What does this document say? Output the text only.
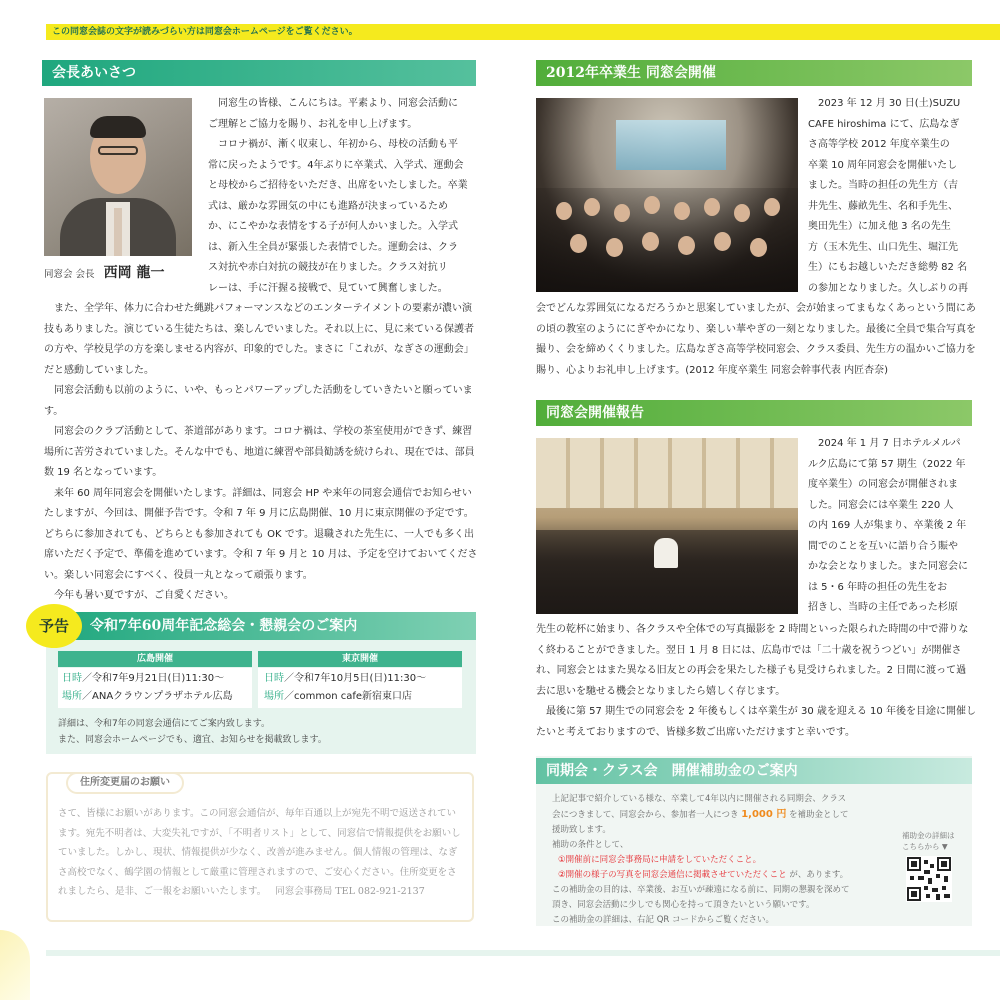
この同窓会誌の文字が読みづらい方は同窓会ホームページをご覧ください。
会長あいさつ
同窓会 会長 西岡 龍一
同窓生の皆様、こんにちは。平素より、同窓会活動に
ご理解とご協力を賜り、お礼を申し上げます。
コロナ禍が、漸く収束し、年初から、母校の活動も平
常に戻ったようです。4年ぶりに卒業式、入学式、運動会
と母校からご招待をいただき、出席をいたしました。卒業
式は、厳かな雰囲気の中にも進路が決まっているため
か、にこやかな表情をする子が何人かいました。入学式
は、新入生全員が緊張した表情でした。運動会は、クラ
ス対抗や赤白対抗の競技が在りました。クラス対抗リ
レーは、手に汗握る接戦で、見ていて興奮しました。

また、全学年、体力に合わせた縄跳パフォーマンスなどのエンターテイメントの要素が濃い演技もありました。演じている生徒たちは、楽しんでいました。それ以上に、見に来ている保護者の方や、学校見学の方を楽しませる内容が、印象的でした。まさに「これが、なぎさの運動会」だと感動していました。

同窓会活動も以前のように、いや、もっとパワーアップした活動をしていきたいと願っています。

同窓会のクラブ活動として、茶道部があります。コロナ禍は、学校の茶室使用ができず、練習場所に苦労されていました。そんな中でも、地道に練習や部員勧誘を続けられ、現在では、部員数 19 名となっています。

来年 60 周年同窓会を開催いたします。詳細は、同窓会 HP や来年の同窓会通信でお知らせいたしますが、今回は、開催予告です。令和 7 年 9 月に広島開催、10 月に東京開催の予定です。どちらに参加されても、どちらとも参加されても OK です。退職された先生に、一人でも多く出席いただく予定で、準備を進めています。令和 7 年 9 月と 10 月は、予定を空けておいてください。楽しい同窓会にすべく、役員一丸となって頑張ります。

今年も暑い夏ですが、ご自愛ください。

予告	令和7年60周年記念総会・懇親会のご案内
広島開催	東京開催
日時／令和7年9月21日(日)11:30〜
場所／ANAクラウンプラザホテル広島
日時／令和7年10月5日(日)11:30〜
場所／common cafe新宿東口店
詳細は、令和7年の同窓会通信にてご案内致します。
また、同窓会ホームページでも、適宜、お知らせを掲載致します。
住所変更届のお願い
さて、皆様にお願いがあります。この同窓会通信が、毎年百通以上が宛先不明で返送されています。宛先不明者は、大変失礼ですが、「不明者リスト」として、同窓信で情報提供をお願いしていました。しかし、現状、情報提供が少なく、改善が進みません。個人情報の管理は、なぎさ高校でなく、鶴学園の情報として厳重に管理されますので、ご安心ください。住所変更をされましたら、是非、ご一報をお願いいたします。 同窓会事務局 TEL 082-921-2137
2012年卒業生 同窓会開催
2023 年 12 月 30 日(土)SUZU
CAFE hiroshima にて、広島なぎ
さ高等学校 2012 年度卒業生の
卒業 10 周年同窓会を開催いたし
ました。当時の担任の先生方（吉
井先生、藤畝先生、名和手先生、
奥田先生）に加え他 3 名の先生
方（玉木先生、山口先生、堀江先
生）にもお越しいただき総勢 82 名
の参加となりました。久しぶりの再
会でどんな雰囲気になるだろうかと思案していましたが、会が始まってまもなくあっという間にあの頃の教室のようににぎやかになり、楽しい華やぎの一刻となりました。最後に全員で集合写真を撮り、会を締めくくりました。広島なぎさ高等学校同窓会、クラス委員、先生方の温かいご協力を賜り、心よりお礼申し上げます。(2012 年度卒業生 同窓会幹事代表 内匠杏奈)
同窓会開催報告
2024 年 1 月 7 日ホテルメルパ
ルク広島にて第 57 期生（2022 年
度卒業生）の同窓会が開催されま
した。同窓会には卒業生 220 人
の内 169 人が集まり、卒業後 2 年
間でのことを互いに語り合う賑や
かな会となりました。また同窓会に
は 5・6 年時の担任の先生をお
招きし、当時の主任であった杉原
先生の乾杯に始まり、各クラスや全体での写真撮影を 2 時間といった限られた時間の中で滞りなく終わることができました。翌日 1 月 8 日には、広島市では「二十歳を祝うつどい」が開催され、同窓会とはまた異なる旧友との再会を果たした様子も見受けられました。2 日間に渡って過去に思いを馳せる機会となりましたら嬉しく存じます。
最後に第 57 期生での同窓会を 2 年後もしくは卒業生が 30 歳を迎える 10 年後を目途に開催したいと考えておりますので、皆様多数ご出席いただけますと幸いです。
同期会・クラス会　開催補助金のご案内
上記記事で紹介している様な、卒業して4年以内に開催される同期会、クラス会につきまして、同窓会から、参加者一人につき 1,000 円 を補助金として援助致します。
補助の条件として、
①開催前に同窓会事務局に申請をしていただくこと。
②開催の様子の写真を同窓会通信に掲載させていただくこと が、あります。
この補助金の目的は、卒業後、お互いが疎遠になる前に、同期の懇親を深めて頂き、同窓会活動に少しでも関心を持って頂きたいという願いです。
この補助金の詳細は、右記 QR コードからご覧ください。
補助金の詳細は
こちらから ▼
